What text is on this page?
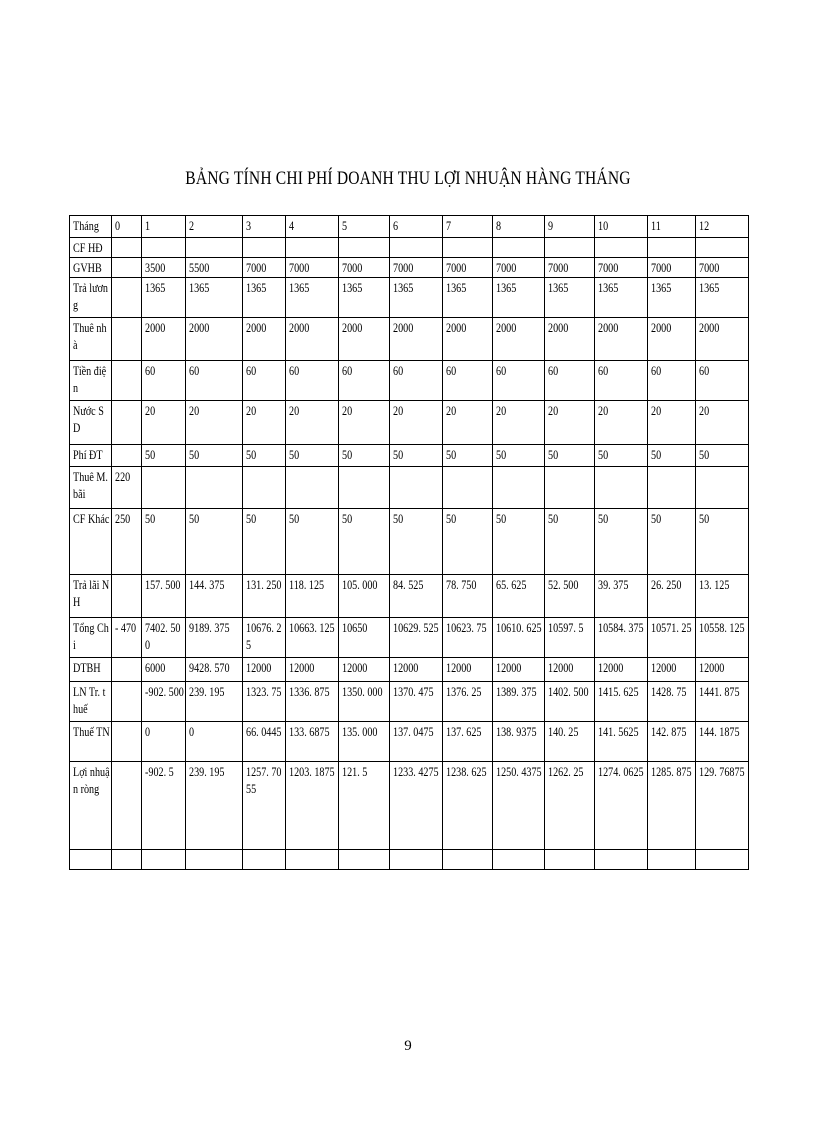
BẢNG TÍNH CHI PHÍ DOANH THU LỢI NHUẬN HÀNG THÁNG
Tháng	0	1	2	3	4	5	6	7	8	9	10	11	12
CF HĐ													
GVHB		3500	5500	7000	7000	7000	7000	7000	7000	7000	7000	7000	7000
Trả lương		1365	1365	1365	1365	1365	1365	1365	1365	1365	1365	1365	1365
Thuê nhà		2000	2000	2000	2000	2000	2000	2000	2000	2000	2000	2000	2000
Tiền điện		60	60	60	60	60	60	60	60	60	60	60	60
Nước SD		20	20	20	20	20	20	20	20	20	20	20	20
Phí ĐT		50	50	50	50	50	50	50	50	50	50	50	50
Thuê M. bãi	220												
CF Khác	250	50	50	50	50	50	50	50	50	50	50	50	50
Trả lãi NH		157. 500	144. 375	131. 250	118. 125	105. 000	84. 525	78. 750	65. 625	52. 500	39. 375	26. 250	13. 125
Tổng Chi	- 470	7402. 500	9189. 375	10676. 25	10663. 125	10650	10629. 525	10623. 75	10610. 625	10597. 5	10584. 375	10571. 25	10558. 125
DTBH		6000	9428. 570	12000	12000	12000	12000	12000	12000	12000	12000	12000	12000
LN Tr. thuế		-902. 500	239. 195	1323. 75	1336. 875	1350. 000	1370. 475	1376. 25	1389. 375	1402. 500	1415. 625	1428. 75	1441. 875
Thuế TN		0	0	66. 0445	133. 6875	135. 000	137. 0475	137. 625	138. 9375	140. 25	141. 5625	142. 875	144. 1875
Lợi nhuận ròng		-902. 5	239. 195	1257. 7055	1203. 1875	121. 5	1233. 4275	1238. 625	1250. 4375	1262. 25	1274. 0625	1285. 875	129. 76875

9
